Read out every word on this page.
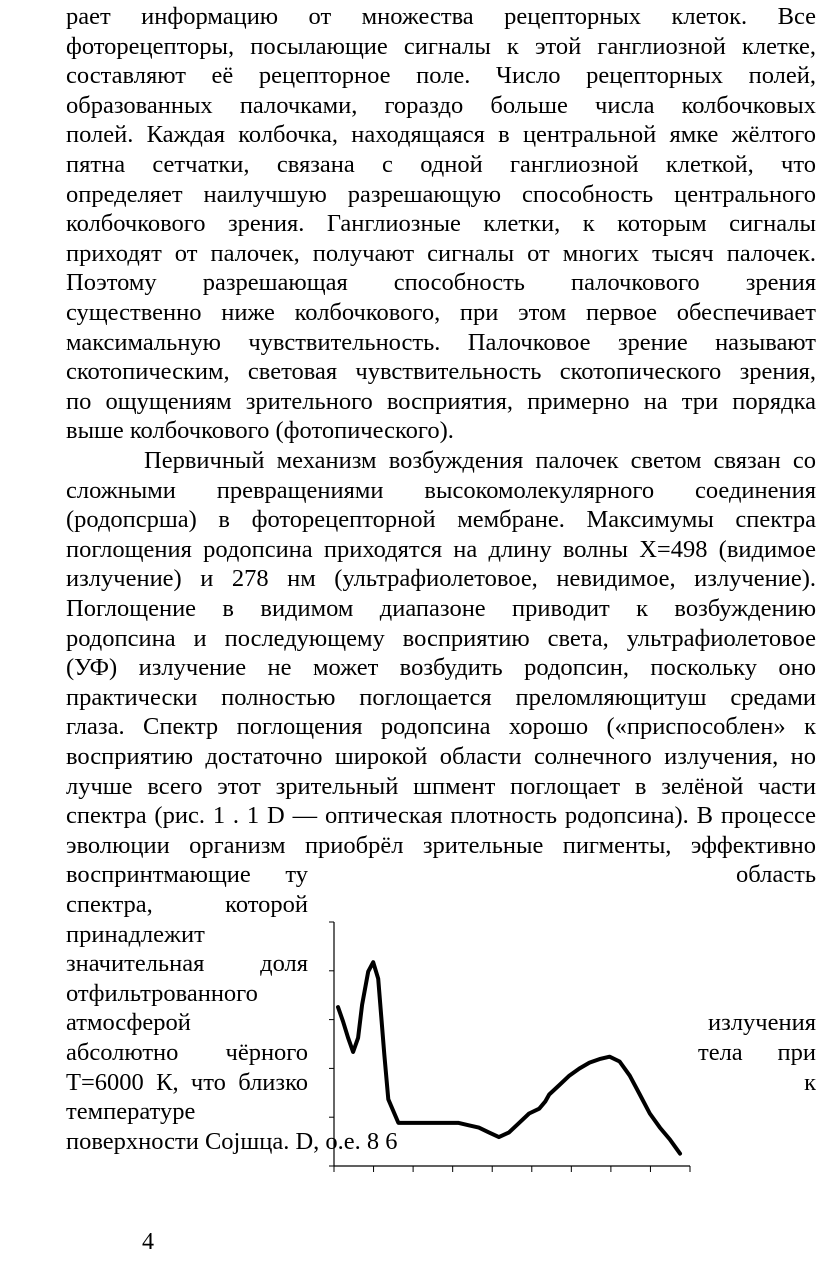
рает информацию от множества рецепторных клеток. Все
фоторецепторы, посылающие сигналы к этой ганглиозной клетке,
составляют её рецепторное поле. Число рецепторных полей,
образованных палочками, гораздо больше числа колбочковых
полей. Каждая колбочка, находящаяся в центральной ямке жёлтого
пятна сетчатки, связана с одной ганглиозной клеткой, что
определяет наилучшую разрешающую способность центрального
колбочкового зрения. Ганглиозные клетки, к которым сигналы
приходят от палочек, получают сигналы от многих тысяч палочек.
Поэтому разрешающая способность палочкового зрения
существенно ниже колбочкового, при этом первое обеспечивает
максимальную чувствительность. Палочковое зрение называют
скотопическим, световая чувствительность скотопического зрения,
по ощущениям зрительного восприятия, примерно на три порядка
выше колбочкового (фотопического).
Первичный механизм возбуждения палочек светом связан со
сложными превращениями высокомолекулярного соединения
(родопсрша) в фоторецепторной мембране. Максимумы спектра
поглощения родопсина приходятся на длину волны X=498 (видимое
излучение) и 278 нм (ультрафиолетовое, невидимое, излучение).
Поглощение в видимом диапазоне приводит к возбуждению
родопсина и последующему восприятию света, ультрафиолетовое
(УФ) излучение не может возбудить родопсин, поскольку оно
практически полностью поглощается преломляющитуш средами
глаза. Спектр поглощения родопсина хорошо («приспособлен» к
восприятию достаточно широкой области солнечного излучения, но
лучше всего этот зрительный шпмент поглощает в зелёной части
спектра (рис. 1 . 1 D — оптическая плотность родопсина). В процессе
эволюции организм приобрёл зрительные пигменты, эффективно
воспринтмающие ту
спектра, которой
принадлежит
значительная доля
отфильтрованного
атмосферой
абсолютно чёрного
Т=6000 К, что близко
температуре
поверхности Сојшца. D, о.е. 8 6
область
излучения
тела при
к
4
